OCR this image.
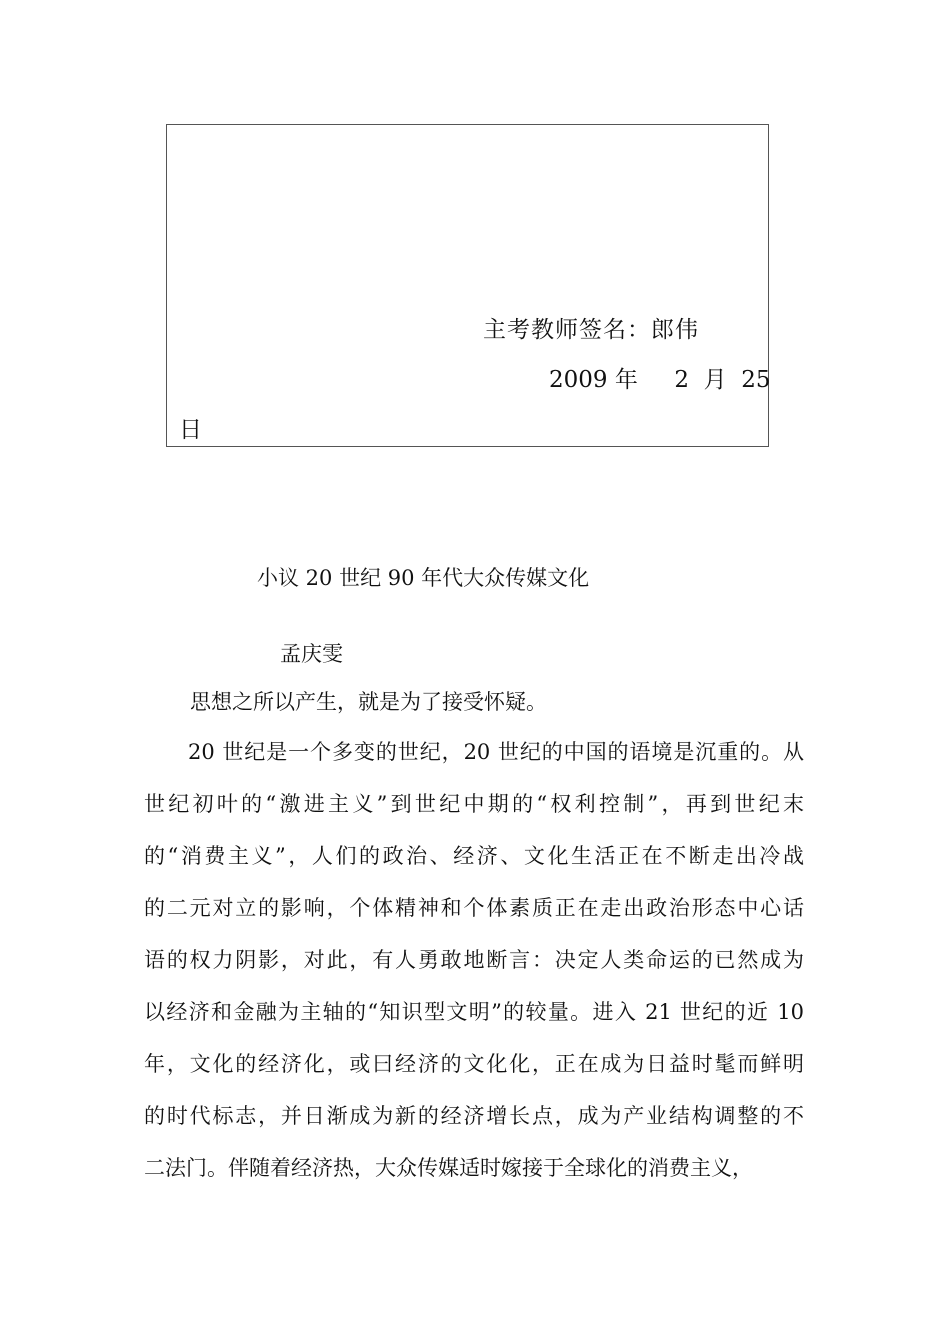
主考教师签名：郎伟
2009 年     2  月  25
日
小议 20 世纪 90 年代大众传媒文化
孟庆雯
思想之所以产生，就是为了接受怀疑。
20 世纪是一个多变的世纪，20 世纪的中国的语境是沉重的。从
世纪初叶的“激进主义”到世纪中期的“权利控制”，再到世纪末
的“消费主义”，人们的政治、经济、文化生活正在不断走出冷战
的二元对立的影响，个体精神和个体素质正在走出政治形态中心话
语的权力阴影，对此，有人勇敢地断言：决定人类命运的已然成为
以经济和金融为主轴的“知识型文明”的较量。进入 21 世纪的近 10
年，文化的经济化，或曰经济的文化化，正在成为日益时髦而鲜明
的时代标志，并日渐成为新的经济增长点，成为产业结构调整的不
二法门。伴随着经济热，大众传媒适时嫁接于全球化的消费主义，
